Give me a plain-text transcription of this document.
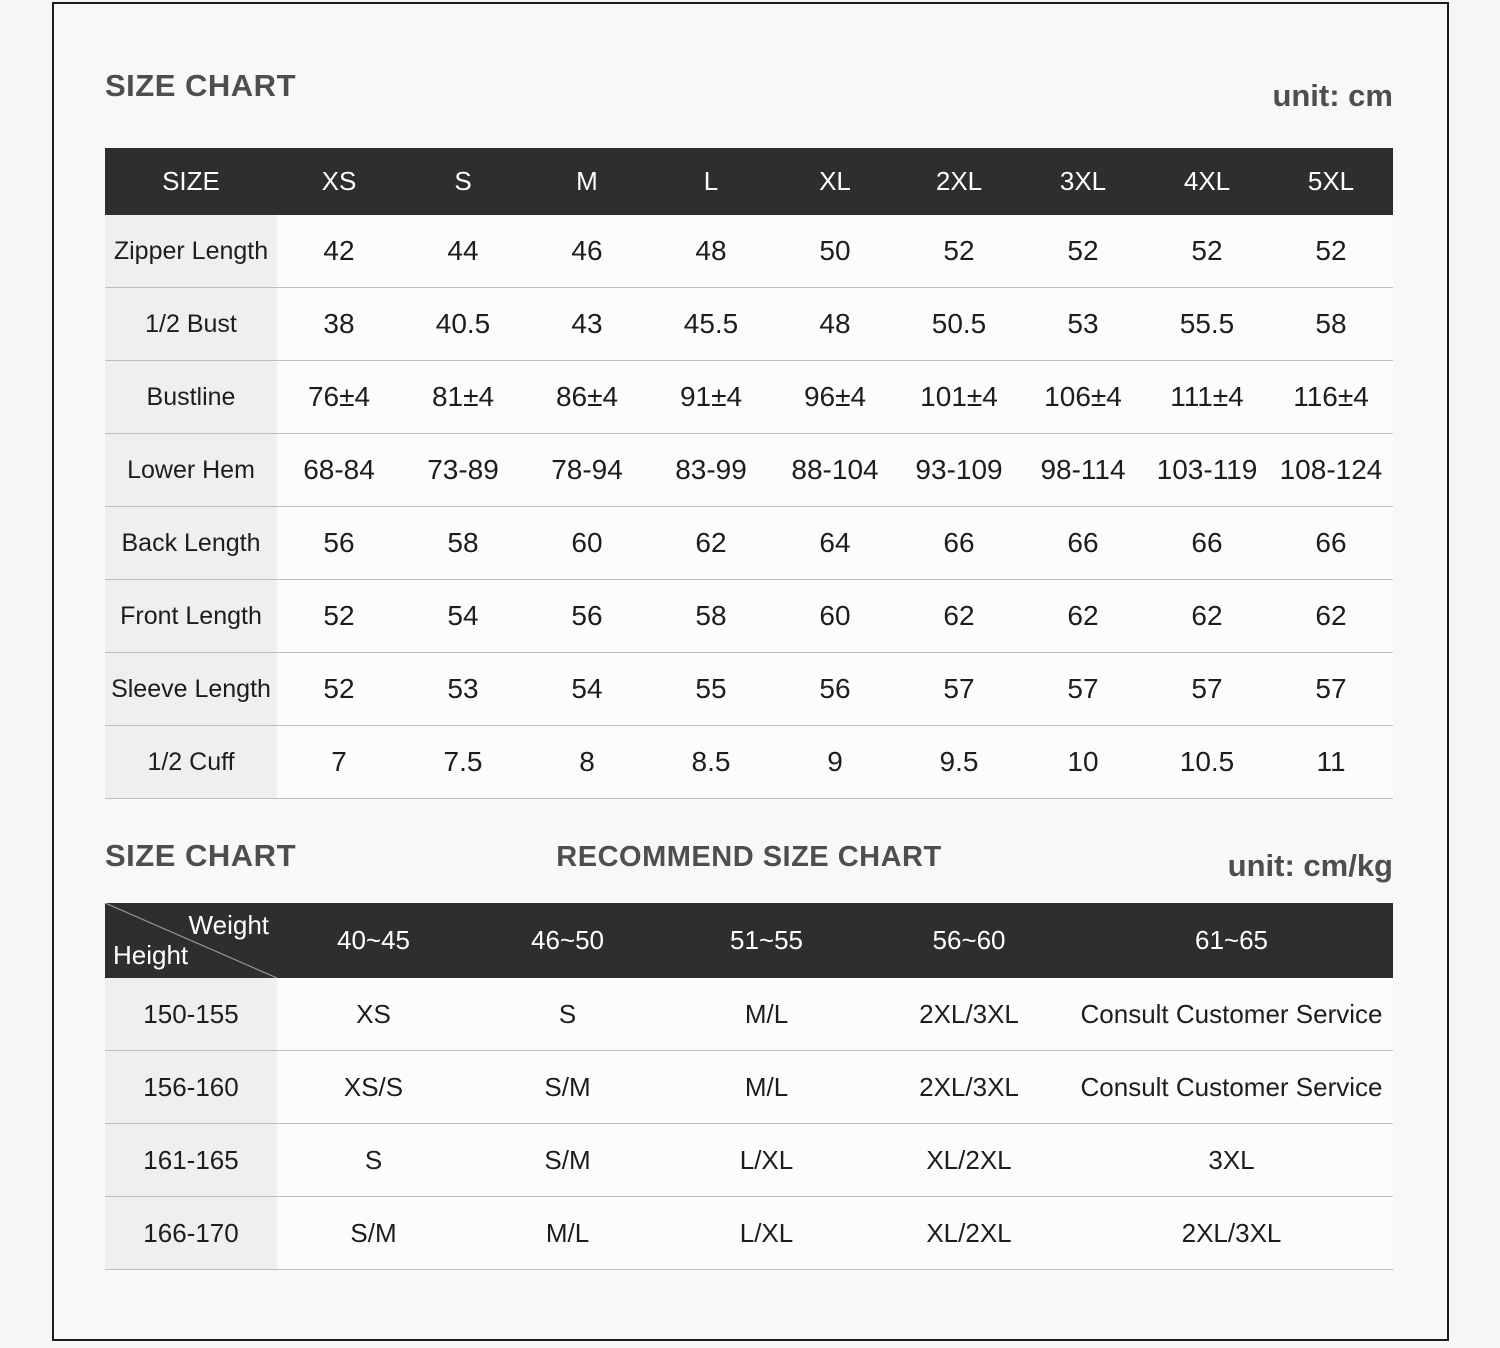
SIZE CHART	unit: cm
SIZE	XS	S	M	L	XL	2XL	3XL	4XL	5XL
Zipper Length	42	44	46	48	50	52	52	52	52
1/2 Bust	38	40.5	43	45.5	48	50.5	53	55.5	58
Bustline	76±4	81±4	86±4	91±4	96±4	101±4	106±4	111±4	116±4
Lower Hem	68-84	73-89	78-94	83-99	88-104	93-109	98-114	103-119 108-124
Back Length	56	58	60	62	64	66	66	66	66
Front Length	52	54	56	58	60	62	62	62	62
Sleeve Length	52	53	54	55	56	57	57	57	57
1/2 Cuff	7	7.5	8	8.5	9	9.5	10	10.5	11
SIZE CHART	RECOMMEND SIZE CHART	unit: cm/kg
Weight
Height	40~45	46~50	51~55	56~60	61~65
150-155	XS	S	M/L	2XL/3XL	Consult Customer Service
156-160	XS/S	S/M	M/L	2XL/3XL	Consult Customer Service
161-165	S	S/M	L/XL	XL/2XL	3XL
166-170	S/M	M/L	L/XL	XL/2XL	2XL/3XL
